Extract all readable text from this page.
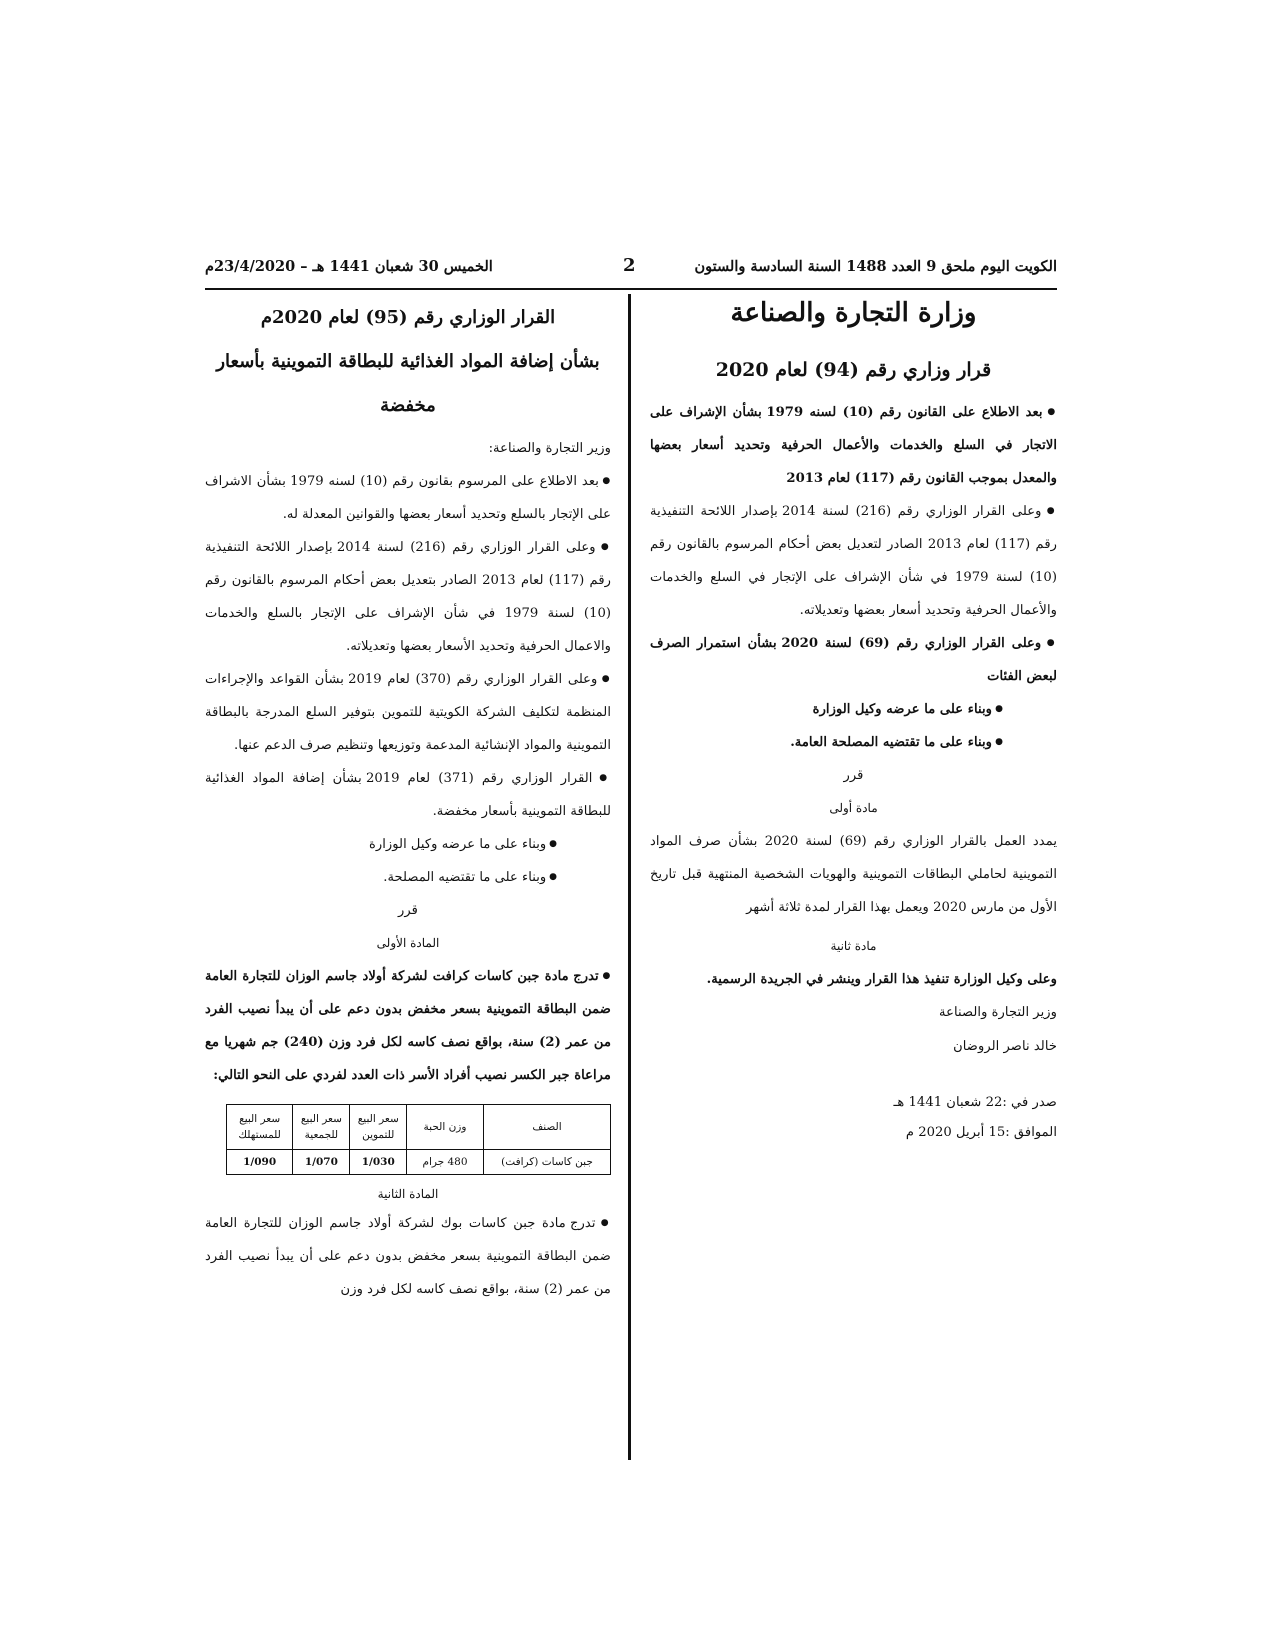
الكويت اليوم ملحق 9 العدد 1488 السنة السادسة والستون
2
الخميس 30 شعبان 1441 هـ – 23/4/2020م
وزارة التجارة والصناعة
قرار وزاري رقم (94) لعام 2020

● بعد الاطلاع على القانون رقم (10) لسنه 1979 بشأن الإشراف على الاتجار في السلع والخدمات والأعمال الحرفية وتحديد أسعار بعضها والمعدل بموجب القانون رقم (117) لعام 2013

● وعلى القرار الوزاري رقم (216) لسنة 2014 بإصدار اللائحة التنفيذية رقم (117) لعام 2013 الصادر لتعديل بعض أحكام المرسوم بالقانون رقم (10) لسنة 1979 في شأن الإشراف على الإتجار في السلع والخدمات والأعمال الحرفية وتحديد أسعار بعضها وتعديلاته.

● وعلى القرار الوزاري رقم (69) لسنة 2020 بشأن استمرار الصرف لبعض الفئات

● وبناء على ما عرضه وكيل الوزارة

● وبناء على ما تقتضيه المصلحة العامة.

قرر

مادة أولى

يمدد العمل بالقرار الوزاري رقم (69) لسنة 2020 بشأن صرف المواد التموينية لحاملي البطاقات التموينية والهويات الشخصية المنتهية قبل تاريخ الأول من مارس 2020 ويعمل بهذا القرار لمدة ثلاثة أشهر

مادة ثانية

وعلى وكيل الوزارة تنفيذ هذا القرار وينشر في الجريدة الرسمية.

وزير التجارة والصناعة

خالد ناصر الروضان

صدر في :22 شعبان 1441 هـ

الموافق :15 أبريل 2020 م

القرار الوزاري رقم (95) لعام 2020م
بشأن إضافة المواد الغذائية للبطاقة التموينية بأسعار
مخفضة

وزير التجارة والصناعة:

● بعد الاطلاع على المرسوم بقانون رقم (10) لسنه 1979 بشأن الاشراف على الإتجار بالسلع وتحديد أسعار بعضها والقوانين المعدلة له.

● وعلى القرار الوزاري رقم (216) لسنة 2014 بإصدار اللائحة التنفيذية رقم (117) لعام 2013 الصادر بتعديل بعض أحكام المرسوم بالقانون رقم (10) لسنة 1979 في شأن الإشراف على الإتجار بالسلع والخدمات والاعمال الحرفية وتحديد الأسعار بعضها وتعديلاته.

● وعلى القرار الوزاري رقم (370) لعام 2019 بشأن القواعد والإجراءات المنظمة لتكليف الشركة الكويتية للتموين بتوفير السلع المدرجة بالبطاقة التموينية والمواد الإنشائية المدعمة وتوزيعها وتنظيم صرف الدعم عنها.

● القرار الوزاري رقم (371) لعام 2019 بشأن إضافة المواد الغذائية للبطاقة التموينية بأسعار مخفضة.

● وبناء على ما عرضه وكيل الوزارة

● وبناء على ما تقتضيه المصلحة.

قرر

المادة الأولى

● تدرج مادة جبن كاسات كرافت لشركة أولاد جاسم الوزان للتجارة العامة ضمن البطاقة التموينية بسعر مخفض بدون دعم على أن يبدأ نصيب الفرد من عمر (2) سنة، بواقع نصف كاسه لكل فرد وزن (240) جم شهريا مع مراعاة جبر الكسر نصيب أفراد الأسر ذات العدد لفردي على النحو التالي:

الصنف	وزن الحبة	سعر البيع للتموين	سعر البيع للجمعية	سعر البيع للمستهلك
جبن كاسات (كرافت)	480 جرام	1/030	1/070	1/090

المادة الثانية

● تدرج مادة جبن كاسات بوك لشركة أولاد جاسم الوزان للتجارة العامة ضمن البطاقة التموينية بسعر مخفض بدون دعم على أن يبدأ نصيب الفرد من عمر (2) سنة، بواقع نصف كاسه لكل فرد وزن
